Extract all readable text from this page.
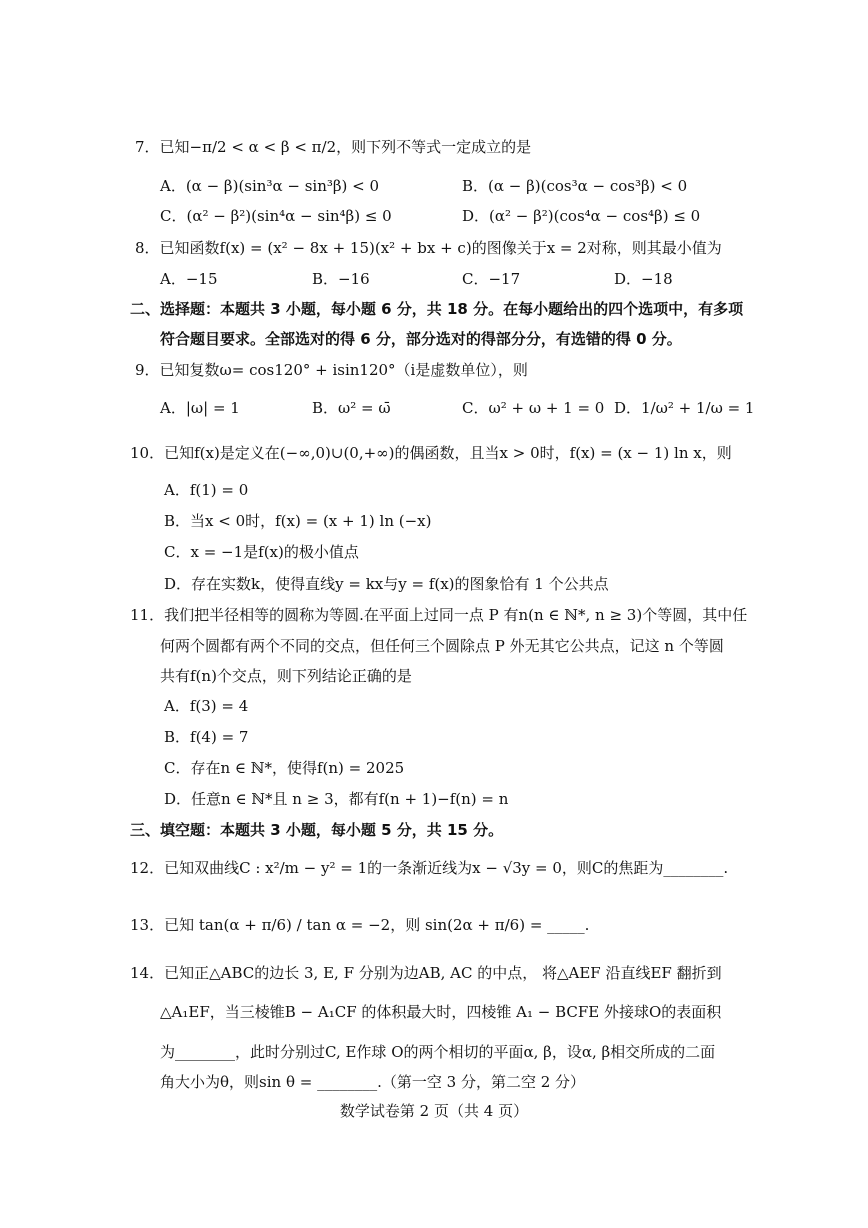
7．已知−π/2 < α < β < π/2，则下列不等式一定成立的是
A．(α − β)(sin³α − sin³β) < 0	B．(α − β)(cos³α − cos³β) < 0
C．(α² − β²)(sin⁴α − sin⁴β) ≤ 0	D．(α² − β²)(cos⁴α − cos⁴β) ≤ 0
8．已知函数f(x) = (x² − 8x + 15)(x² + bx + c)的图像关于x = 2对称，则其最小值为
A．−15	B．−16	C．−17	D．−18
二、选择题：本题共 3 小题，每小题 6 分，共 18 分。在每小题给出的四个选项中，有多项
符合题目要求。全部选对的得 6 分，部分选对的得部分分，有选错的得 0 分。
9．已知复数ω= cos120° + isin120°（i是虚数单位），则
A．|ω| = 1	B．ω² = ω̄	C．ω² + ω + 1 = 0 D．1/ω² + 1/ω = 1
10．已知f(x)是定义在(−∞,0)∪(0,+∞)的偶函数，且当x > 0时，f(x) = (x − 1) ln x，则
A．f(1) = 0
B．当x < 0时，f(x) = (x + 1) ln (−x)
C．x = −1是f(x)的极小值点
D．存在实数k，使得直线y = kx与y = f(x)的图象恰有 1 个公共点
11．我们把半径相等的圆称为等圆.在平面上过同一点 P 有n(n ∈ ℕ*, n ≥ 3)个等圆，其中任
何两个圆都有两个不同的交点，但任何三个圆除点 P 外无其它公共点，记这 n 个等圆
共有f(n)个交点，则下列结论正确的是
A．f(3) = 4
B．f(4) = 7
C．存在n ∈ ℕ*，使得f(n) = 2025
D．任意n ∈ ℕ*且 n ≥ 3，都有f(n + 1)−f(n) = n
三、填空题：本题共 3 小题，每小题 5 分，共 15 分。
12．已知双曲线C : x²/m − y² = 1的一条渐近线为x − √3y = 0，则C的焦距为________.
13．已知 tan(α + π/6) / tan α = −2，则 sin(2α + π/6) = _____.
14．已知正△ABC的边长 3, E, F 分别为边AB, AC 的中点， 将△AEF 沿直线EF 翻折到
△A₁EF，当三棱锥B − A₁CF 的体积最大时，四棱锥 A₁ − BCFE 外接球O的表面积
为________，此时分别过C, E作球 O的两个相切的平面α, β，设α, β相交所成的二面
角大小为θ，则sin θ = ________.（第一空 3 分，第二空 2 分）
数学试卷第 2 页（共 4 页）
